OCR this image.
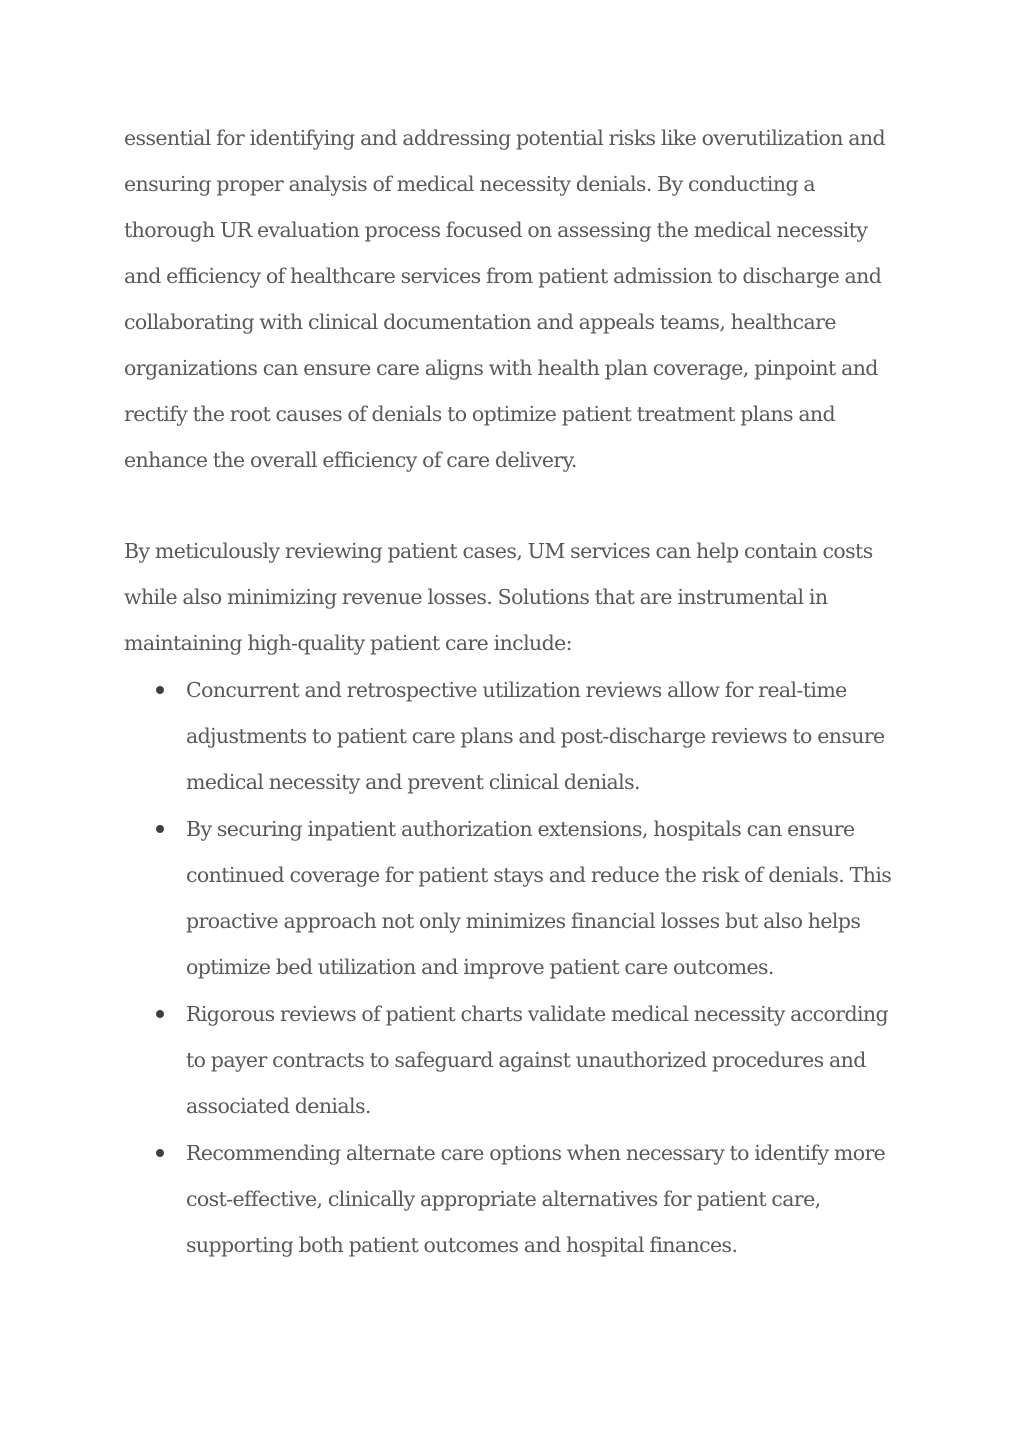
essential for identifying and addressing potential risks like overutilization and ensuring proper analysis of medical necessity denials. By conducting a thorough UR evaluation process focused on assessing the medical necessity and efficiency of healthcare services from patient admission to discharge and collaborating with clinical documentation and appeals teams, healthcare organizations can ensure care aligns with health plan coverage, pinpoint and rectify the root causes of denials to optimize patient treatment plans and enhance the overall efficiency of care delivery.

By meticulously reviewing patient cases, UM services can help contain costs while also minimizing revenue losses. Solutions that are instrumental in maintaining high-quality patient care include:

Concurrent and retrospective utilization reviews allow for real-time adjustments to patient care plans and post-discharge reviews to ensure medical necessity and prevent clinical denials.
By securing inpatient authorization extensions, hospitals can ensure continued coverage for patient stays and reduce the risk of denials. This proactive approach not only minimizes financial losses but also helps optimize bed utilization and improve patient care outcomes.
Rigorous reviews of patient charts validate medical necessity according to payer contracts to safeguard against unauthorized procedures and associated denials.
Recommending alternate care options when necessary to identify more cost-effective, clinically appropriate alternatives for patient care, supporting both patient outcomes and hospital finances.
